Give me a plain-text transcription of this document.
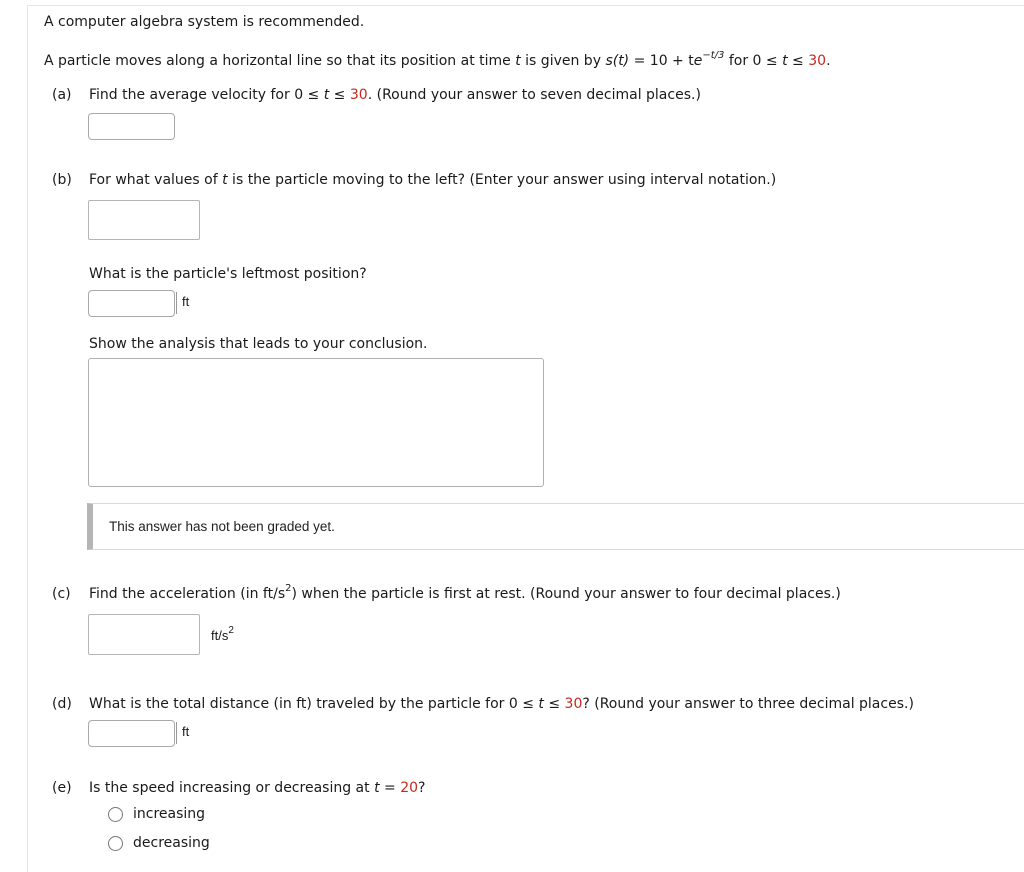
A computer algebra system is recommended.
A particle moves along a horizontal line so that its position at time t is given by $s(t) = 10 + te^{-t/3}$ for 0 ≤ t ≤ 30.
(a) Find the average velocity for 0 ≤ t ≤ 30. (Round your answer to seven decimal places.)
(b) For what values of t is the particle moving to the left? (Enter your answer using interval notation.)
What is the particle's leftmost position?
ft
Show the analysis that leads to your conclusion.
This answer has not been graded yet.
(c) Find the acceleration (in $ft/s^2$) when the particle is first at rest. (Round your answer to four decimal places.)
$ft/s^2$
(d) What is the total distance (in ft) traveled by the particle for 0 ≤ t ≤ 30? (Round your answer to three decimal places.)
ft
(e) Is the speed increasing or decreasing at t = 20?
increasing
decreasing
